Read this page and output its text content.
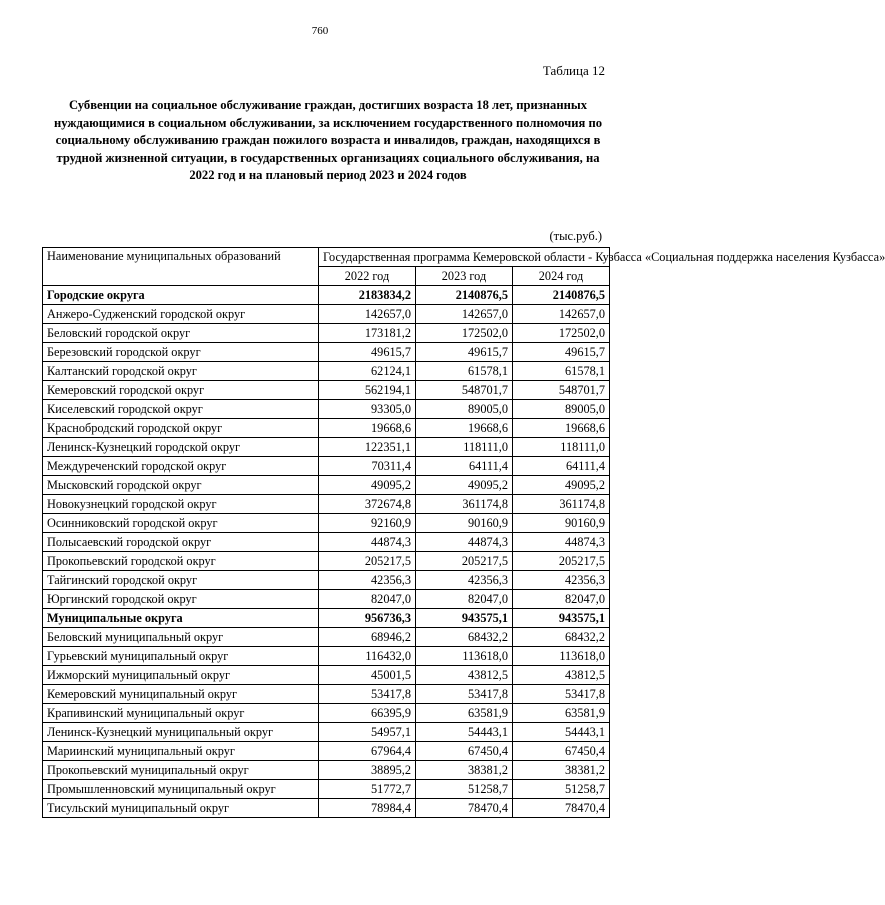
760
Таблица 12
Субвенции на социальное обслуживание граждан, достигших возраста 18 лет, признанных нуждающимися в социальном обслуживании, за исключением государственного полномочия по социальному обслуживанию граждан пожилого возраста и инвалидов, граждан, находящихся в трудной жизненной ситуации, в государственных организациях социального обслуживания, на 2022 год и на плановый период 2023 и 2024 годов
(тыс.руб.)
Наименование муниципальных образований	Государственная программа Кемеровской области - Кузбасса «Социальная поддержка населения Кузбасса»		
	2022 год	2023 год	2024 год
Городские округа	2183834,2	2140876,5	2140876,5
Анжеро-Судженский городской округ	142657,0	142657,0	142657,0
Беловский городской округ	173181,2	172502,0	172502,0
Березовский городской округ	49615,7	49615,7	49615,7
Калтанский городской округ	62124,1	61578,1	61578,1
Кемеровский городской округ	562194,1	548701,7	548701,7
Киселевский городской округ	93305,0	89005,0	89005,0
Краснобродский городской округ	19668,6	19668,6	19668,6
Ленинск-Кузнецкий городской округ	122351,1	118111,0	118111,0
Междуреченский городской округ	70311,4	64111,4	64111,4
Мысковский городской округ	49095,2	49095,2	49095,2
Новокузнецкий городской округ	372674,8	361174,8	361174,8
Осинниковский городской округ	92160,9	90160,9	90160,9
Полысаевский городской округ	44874,3	44874,3	44874,3
Прокопьевский городской округ	205217,5	205217,5	205217,5
Тайгинский городской округ	42356,3	42356,3	42356,3
Юргинский городской округ	82047,0	82047,0	82047,0
Муниципальные округа	956736,3	943575,1	943575,1
Беловский муниципальный округ	68946,2	68432,2	68432,2
Гурьевский муниципальный округ	116432,0	113618,0	113618,0
Ижморский муниципальный округ	45001,5	43812,5	43812,5
Кемеровский муниципальный округ	53417,8	53417,8	53417,8
Крапивинский муниципальный округ	66395,9	63581,9	63581,9
Ленинск-Кузнецкий муниципальный округ	54957,1	54443,1	54443,1
Мариинский муниципальный округ	67964,4	67450,4	67450,4
Прокопьевский муниципальный округ	38895,2	38381,2	38381,2
Промышленновский муниципальный округ	51772,7	51258,7	51258,7
Тисульский муниципальный округ	78984,4	78470,4	78470,4
